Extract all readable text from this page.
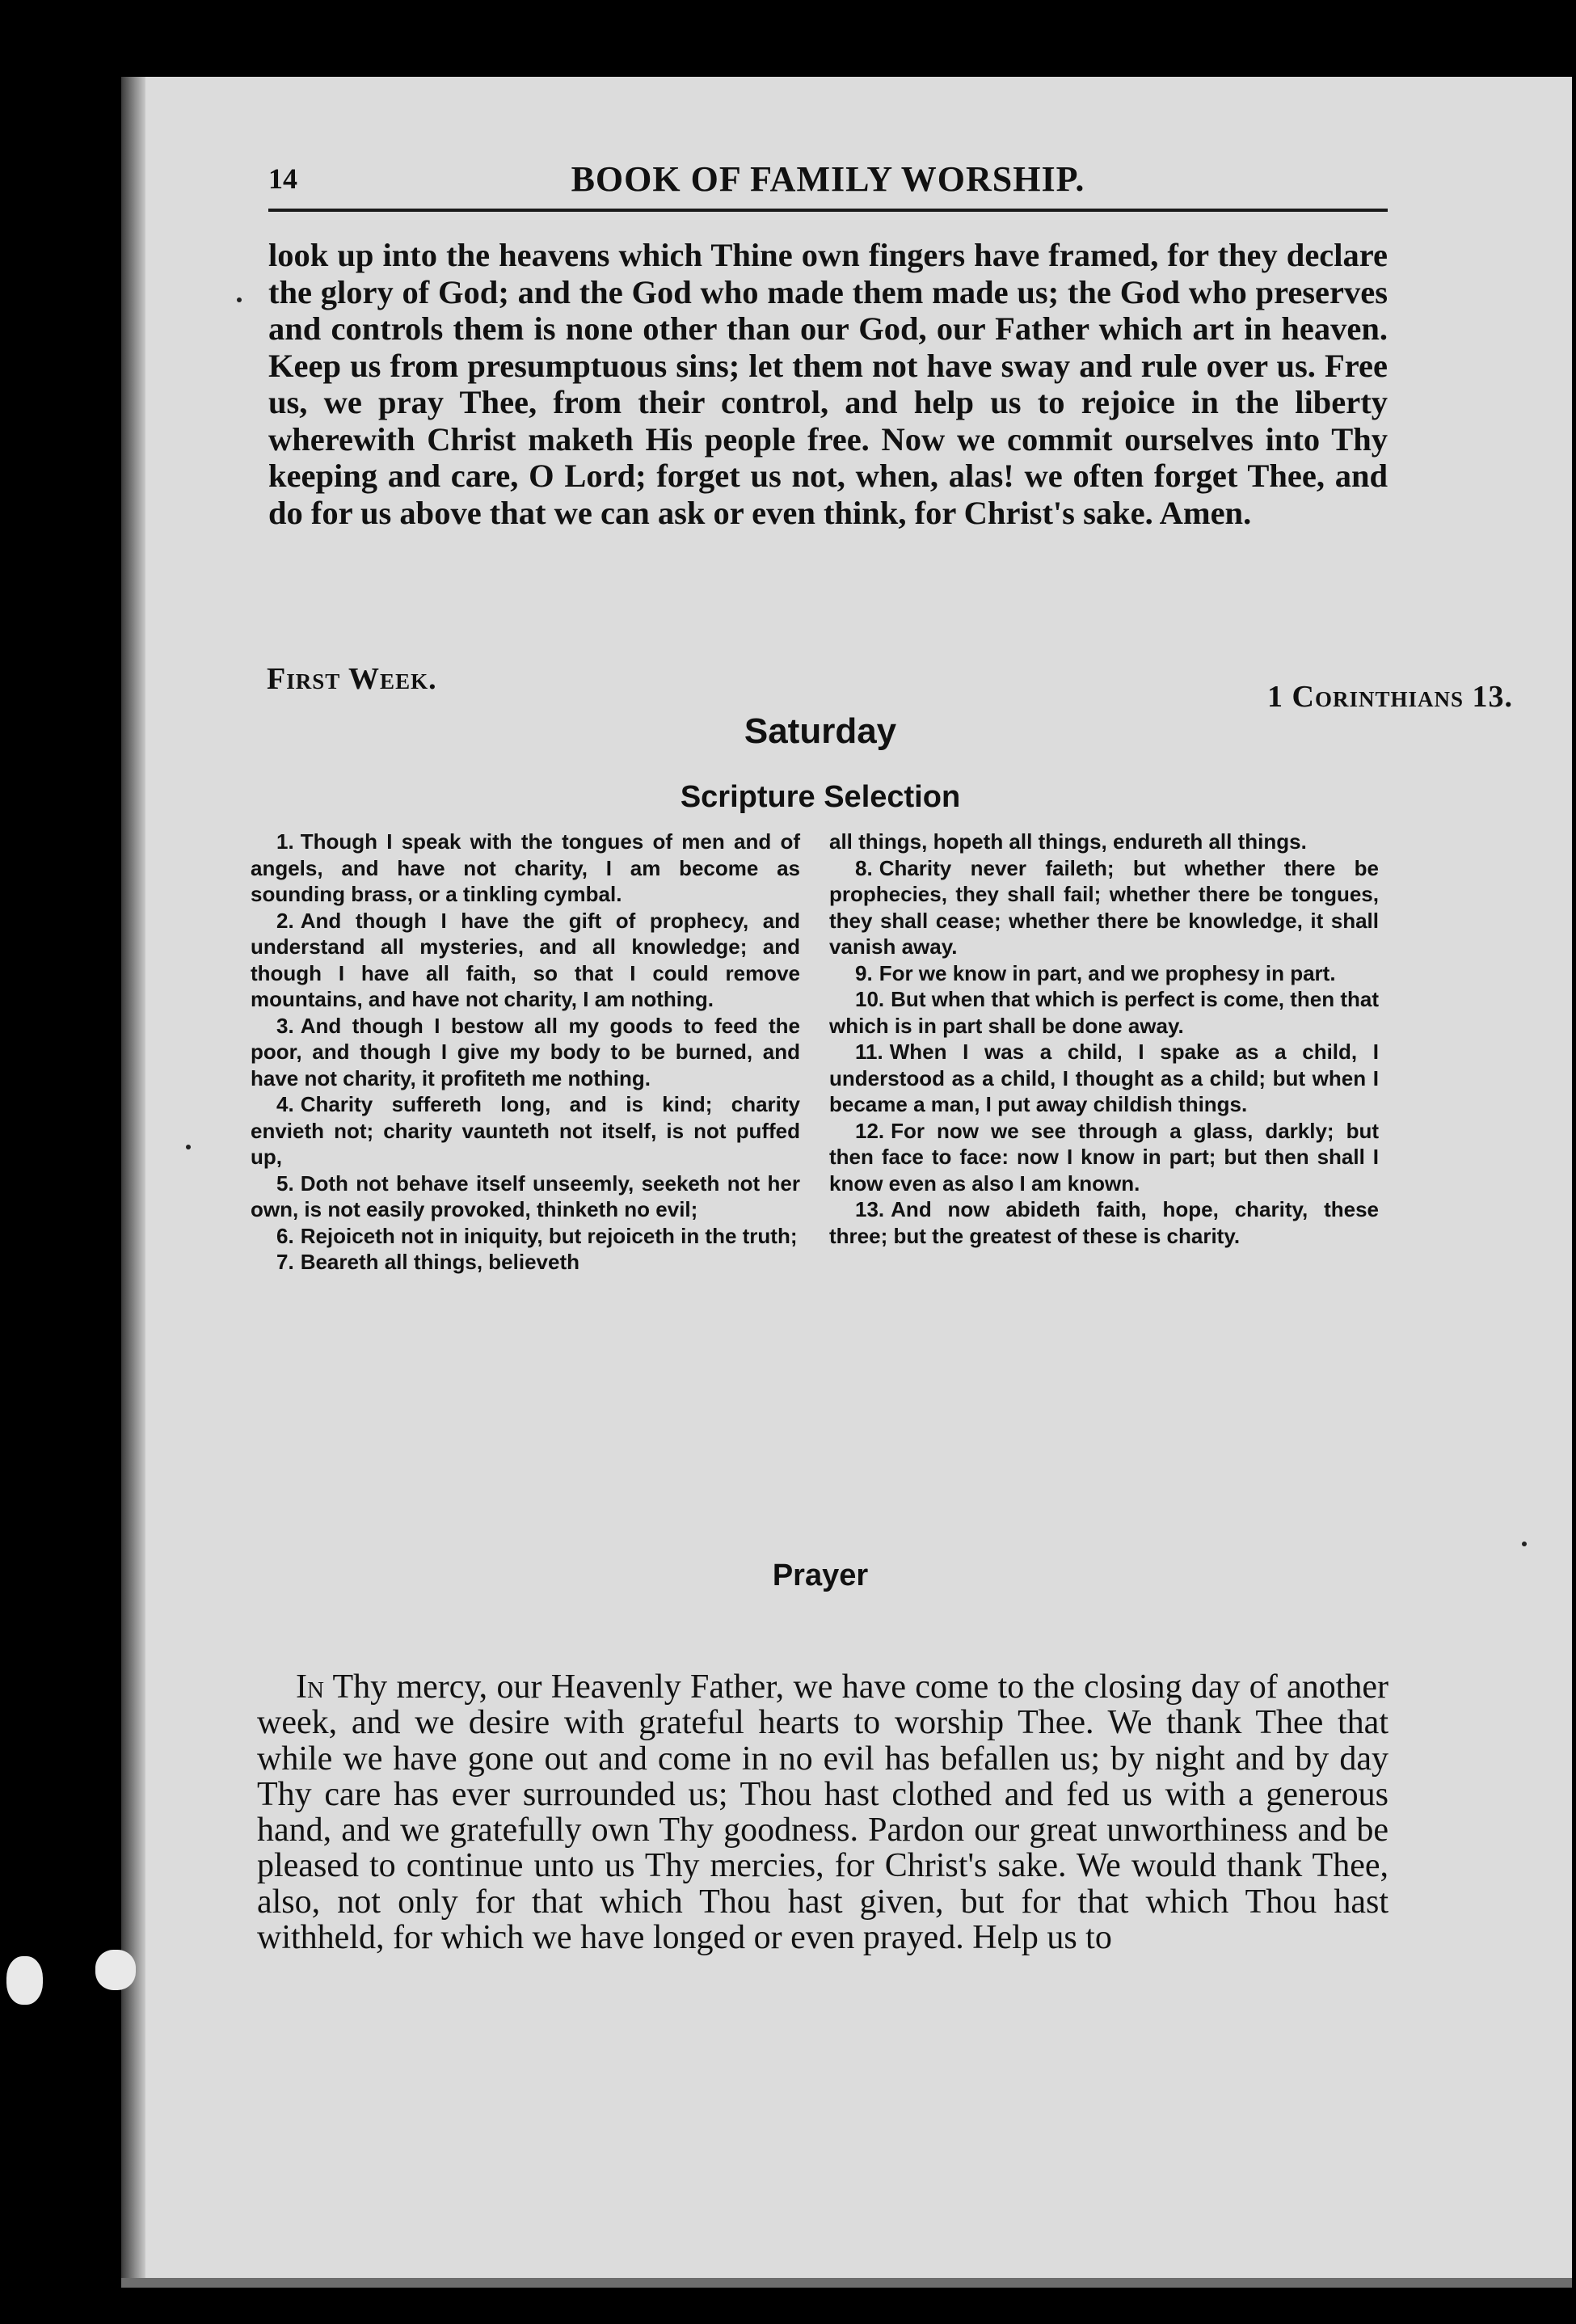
14	BOOK OF FAMILY WORSHIP.

look up into the heavens which Thine own fingers have framed, for they declare the glory of God; and the God who made them made us; the God who preserves and controls them is none other than our God, our Father which art in heaven. Keep us from presumptuous sins; let them not have sway and rule over us. Free us, we pray Thee, from their control, and help us to rejoice in the liberty wherewith Christ maketh His people free. Now we commit ourselves into Thy keeping and care, O Lord; forget us not, when, alas! we often forget Thee, and do for us above that we can ask or even think, for Christ's sake. Amen.

First Week.
1 Corinthians 13.
Saturday
Scripture Selection

1. Though I speak with the tongues of men and of angels, and have not charity, I am become as sounding brass, or a tinkling cymbal.

2. And though I have the gift of prophecy, and understand all mysteries, and all knowledge; and though I have all faith, so that I could remove mountains, and have not charity, I am nothing.

3. And though I bestow all my goods to feed the poor, and though I give my body to be burned, and have not charity, it profiteth me nothing.

4. Charity suffereth long, and is kind; charity envieth not; charity vaunteth not itself, is not puffed up,

5. Doth not behave itself unseemly, seeketh not her own, is not easily provoked, thinketh no evil;

6. Rejoiceth not in iniquity, but rejoiceth in the truth;

7. Beareth all things, believeth

all things, hopeth all things, endureth all things.

8. Charity never faileth; but whether there be prophecies, they shall fail; whether there be tongues, they shall cease; whether there be knowledge, it shall vanish away.

9. For we know in part, and we prophesy in part.

10. But when that which is perfect is come, then that which is in part shall be done away.

11. When I was a child, I spake as a child, I understood as a child, I thought as a child; but when I became a man, I put away childish things.

12. For now we see through a glass, darkly; but then face to face: now I know in part; but then shall I know even as also I am known.

13. And now abideth faith, hope, charity, these three; but the greatest of these is charity.

Prayer

In Thy mercy, our Heavenly Father, we have come to the closing day of another week, and we desire with grateful hearts to worship Thee. We thank Thee that while we have gone out and come in no evil has befallen us; by night and by day Thy care has ever surrounded us; Thou hast clothed and fed us with a generous hand, and we gratefully own Thy goodness. Pardon our great unworthiness and be pleased to continue unto us Thy mercies, for Christ's sake. We would thank Thee, also, not only for that which Thou hast given, but for that which Thou hast withheld, for which we have longed or even prayed. Help us to
